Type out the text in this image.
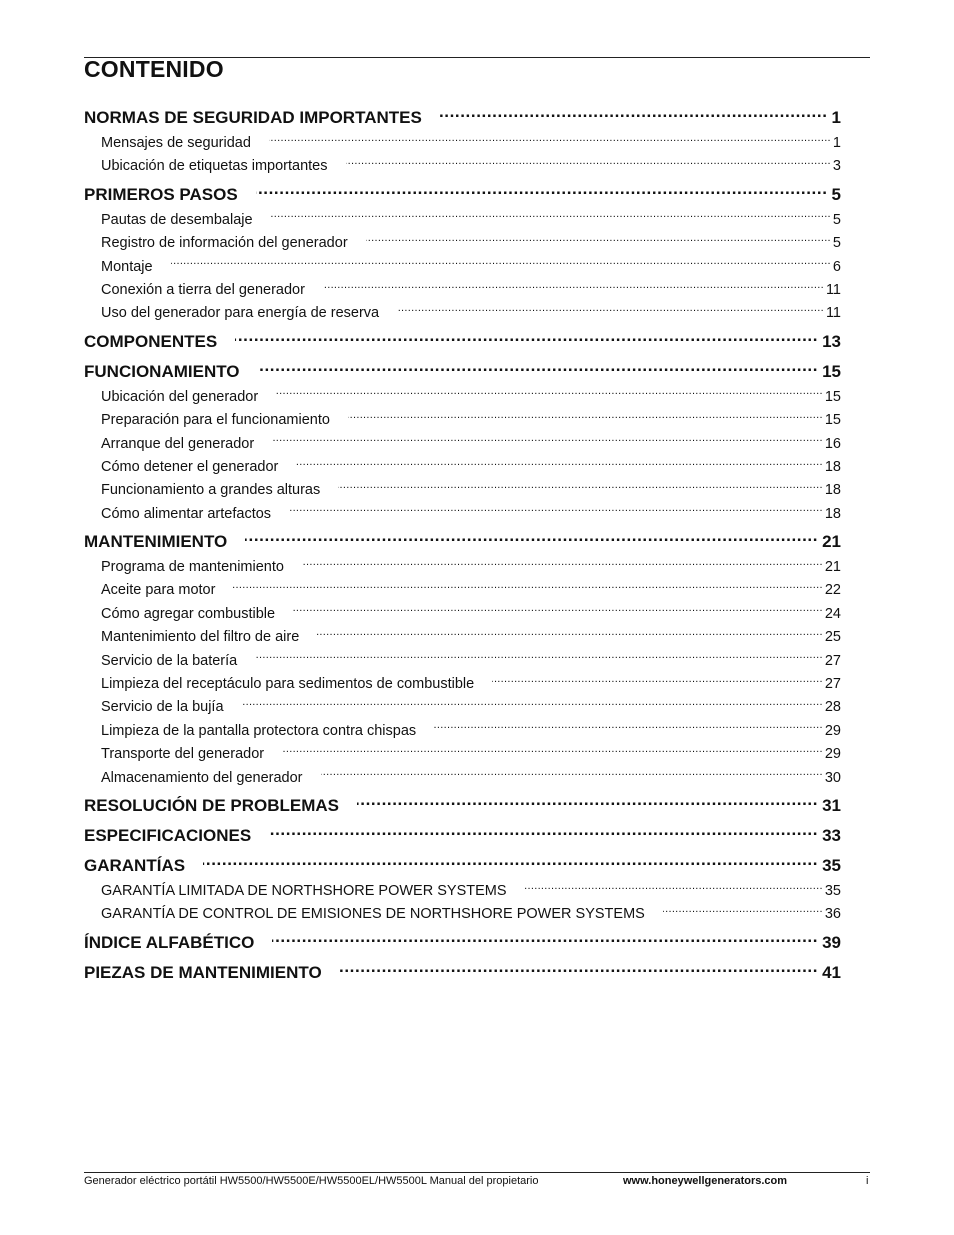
CONTENIDO
NORMAS DE SEGURIDAD IMPORTANTES .....	1
Mensajes de seguridad .....	1
Ubicación de etiquetas importantes .....	3
PRIMEROS PASOS .....	5
Pautas de desembalaje .....	5
Registro de información del generador .....	5
Montaje .....	6
Conexión a tierra del generador .....	11
Uso del generador para energía de reserva .....	11
COMPONENTES .....	13
FUNCIONAMIENTO .....	15
Ubicación del generador .....	15
Preparación para el funcionamiento .....	15
Arranque del generador .....	16
Cómo detener el generador .....	18
Funcionamiento a grandes alturas .....	18
Cómo alimentar artefactos .....	18
MANTENIMIENTO .....	21
Programa de mantenimiento .....	21
Aceite para motor .....	22
Cómo agregar combustible .....	24
Mantenimiento del filtro de aire .....	25
Servicio de la batería .....	27
Limpieza del receptáculo para sedimentos de combustible .....	27
Servicio de la bujía .....	28
Limpieza de la pantalla protectora contra chispas .....	29
Transporte del generador .....	29
Almacenamiento del generador .....	30
RESOLUCIÓN DE PROBLEMAS .....	31
ESPECIFICACIONES .....	33
GARANTÍAS .....	35
GARANTÍA LIMITADA DE NORTHSHORE POWER SYSTEMS .....	35
GARANTÍA DE CONTROL DE EMISIONES DE NORTHSHORE POWER SYSTEMS .....	36
ÍNDICE ALFABÉTICO .....	39
PIEZAS DE MANTENIMIENTO .....	41
Generador eléctrico portátil HW5500/HW5500E/HW5500EL/HW5500L Manual del propietario	www.honeywellgenerators.com	i
